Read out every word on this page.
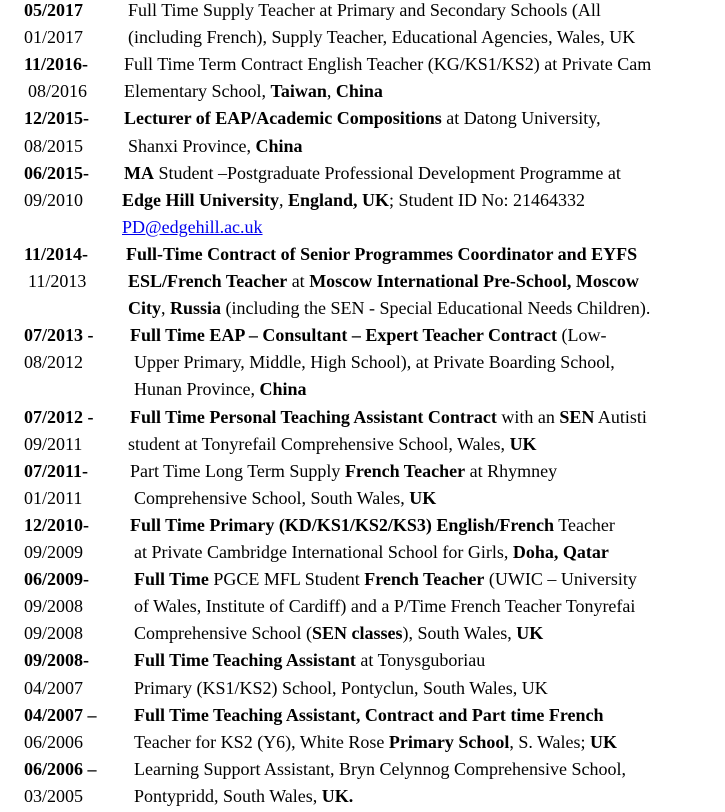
05/2017 Full Time Supply Teacher at Primary and Secondary Schools (All
01/2017 (including French), Supply Teacher, Educational Agencies, Wales, UK
11/2016- Full Time Term Contract English Teacher (KG/KS1/KS2) at Private Cam
08/2016 Elementary School, Taiwan, China
12/2015- Lecturer of EAP/Academic Compositions at Datong University,
08/2015 Shanxi Province, China
06/2015- MA Student –Postgraduate Professional Development Programme at
09/2010 Edge Hill University, England, UK; Student ID No: 21464332
PD@edgehill.ac.uk
11/2014- Full-Time Contract of Senior Programmes Coordinator and EYFS
11/2013 ESL/French Teacher at Moscow International Pre-School, Moscow
City, Russia (including the SEN - Special Educational Needs Children).
07/2013 - Full Time EAP – Consultant – Expert Teacher Contract (Low-
08/2012	Upper Primary, Middle, High School), at Private Boarding School,
Hunan Province, China
07/2012 - Full Time Personal Teaching Assistant Contract with an SEN Autisti
09/2011	student at Tonyrefail Comprehensive School, Wales, UK
07/2011- Part Time Long Term Supply French Teacher at Rhymney
01/2011	Comprehensive School, South Wales, UK
12/2010- Full Time Primary (KD/KS1/KS2/KS3) English/French Teacher
09/2009	at Private Cambridge International School for Girls, Doha, Qatar
06/2009-	Full Time PGCE MFL Student French Teacher (UWIC – University
09/2008	of Wales, Institute of Cardiff) and a P/Time French Teacher Tonyrefai
09/2008	Comprehensive School (SEN classes), South Wales, UK
09/2008-	Full Time Teaching Assistant at Tonysguboriau
04/2007	Primary (KS1/KS2) School, Pontyclun, South Wales, UK
04/2007 – Full Time Teaching Assistant, Contract and Part time French
06/2006	Teacher for KS2 (Y6), White Rose Primary School, S. Wales; UK
06/2006 – Learning Support Assistant, Bryn Celynnog Comprehensive School,
03/2005	Pontypridd, South Wales, UK.
